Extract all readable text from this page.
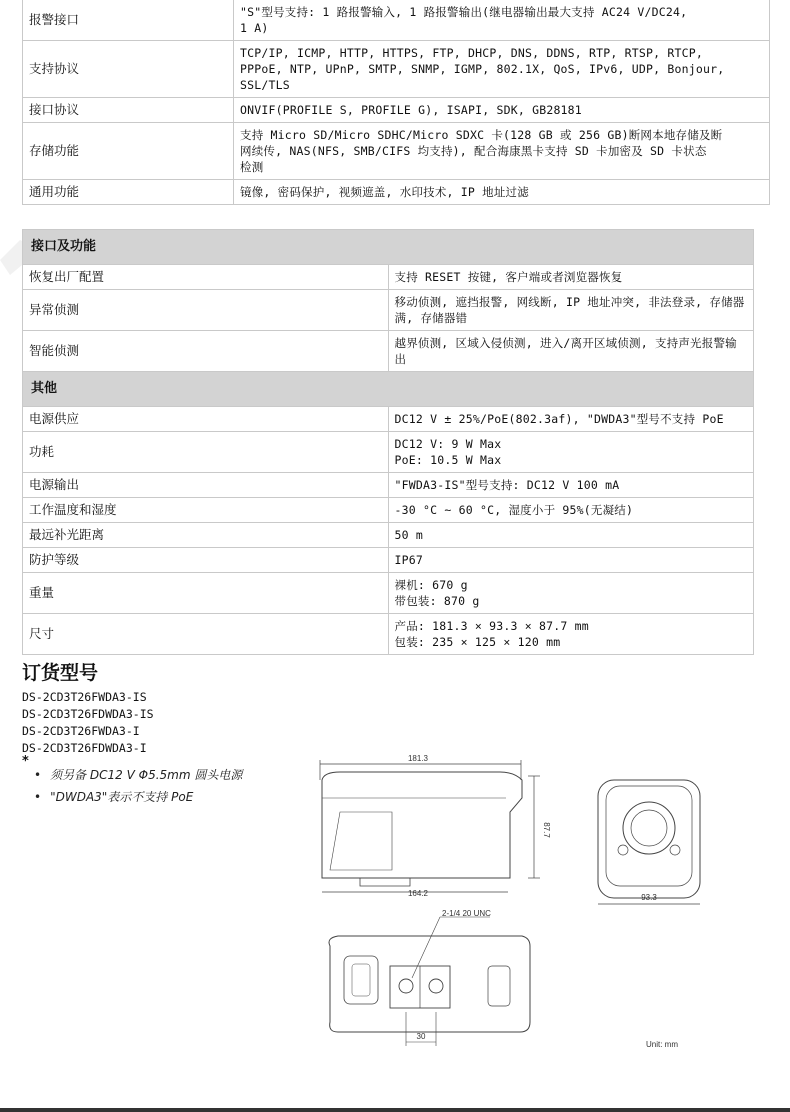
报警接口	"S"型号支持: 1 路报警输入, 1 路报警输出(继电器输出最大支持 AC24 V/DC24,
1 A)

支持协议	TCP/IP, ICMP, HTTP, HTTPS, FTP, DHCP, DNS, DDNS, RTP, RTSP, RTCP,
PPPoE, NTP, UPnP, SMTP, SNMP, IGMP, 802.1X, QoS, IPv6, UDP, Bonjour,
SSL/TLS

接口协议	ONVIF(PROFILE S, PROFILE G), ISAPI, SDK, GB28181

存储功能	支持 Micro SD/Micro SDHC/Micro SDXC 卡(128 GB 或 256 GB)断网本地存储及断
网续传, NAS(NFS, SMB/CIFS 均支持), 配合海康黑卡支持 SD 卡加密及 SD 卡状态
检测

通用功能	镜像, 密码保护, 视频遮盖, 水印技术, IP 地址过滤
接口及功能	
恢复出厂配置	支持 RESET 按键, 客户端或者浏览器恢复

异常侦测	移动侦测, 遮挡报警, 网线断, IP 地址冲突, 非法登录, 存储器满, 存储器错

智能侦测	越界侦测, 区域入侵侦测, 进入/离开区域侦测, 支持声光报警输出

其他	
电源供应	DC12 V ± 25%/PoE(802.3af), "DWDA3"型号不支持 PoE

功耗	DC12 V: 9 W Max
PoE: 10.5 W Max

电源输出	"FWDA3-IS"型号支持: DC12 V 100 mA

工作温度和湿度	-30 °C ~ 60 °C, 湿度小于 95%(无凝结)

最远补光距离	50 m

防护等级	IP67

重量	裸机: 670 g
带包装: 870 g

尺寸	产品: 181.3 × 93.3 × 87.7 mm
包装: 235 × 125 × 120 mm
订货型号
DS-2CD3T26FWDA3-IS
DS-2CD3T26FDWDA3-IS
DS-2CD3T26FWDA3-I
DS-2CD3T26FDWDA3-I
*
• 须另备 DC12 V Φ5.5mm 圆头电源
• "DWDA3"表示不支持 PoE
181.3
87.7
164.2	93.3
2-1/4 20 UNC
30
Unit: mm
